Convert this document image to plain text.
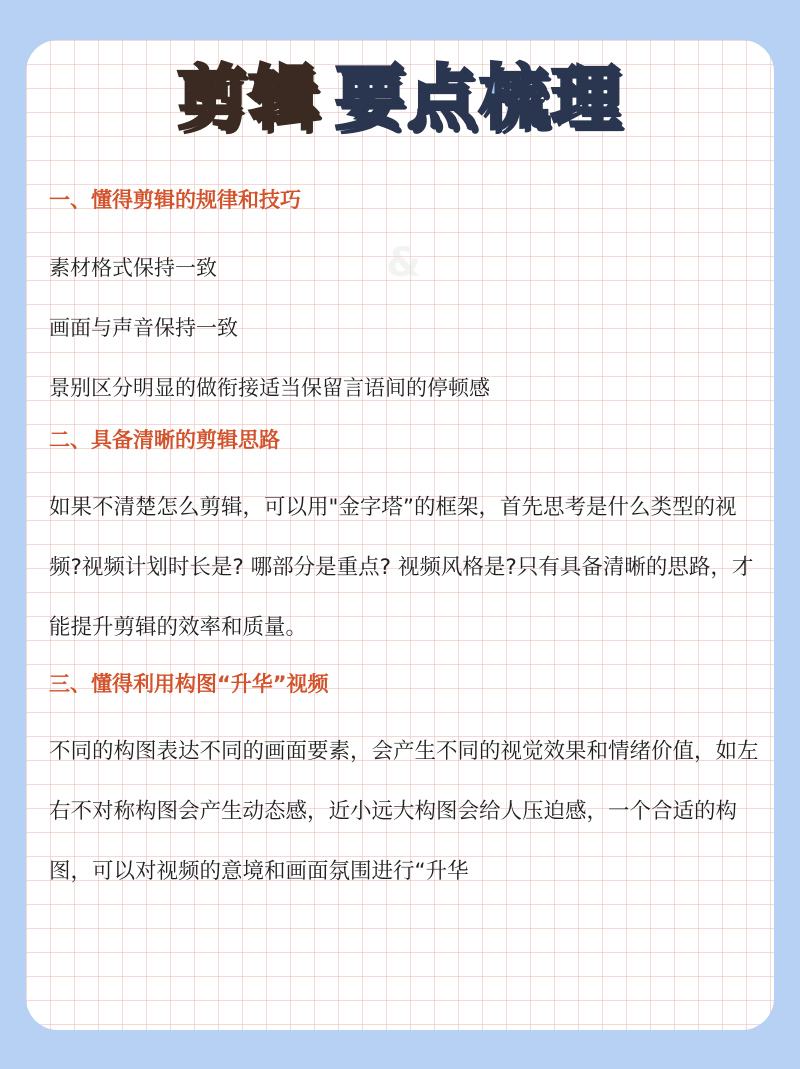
&
剪辑 要点梳理
一、懂得剪辑的规律和技巧
素材格式保持一致
画面与声音保持一致
景别区分明显的做衔接适当保留言语间的停顿感
二、具备清晰的剪辑思路

如果不清楚怎么剪辑，可以用"金字塔”的框架，首先思考是什么类型的视频?视频计划时长是? 哪部分是重点? 视频风格是?只有具备清晰的思路，才能提升剪辑的效率和质量。

三、懂得利用构图“升华”视频

不同的构图表达不同的画面要素，会产生不同的视觉效果和情绪价值，如左右不对称构图会产生动态感，近小远大构图会给人压迫感，一个合适的构图，可以对视频的意境和画面氛围进行“升华
